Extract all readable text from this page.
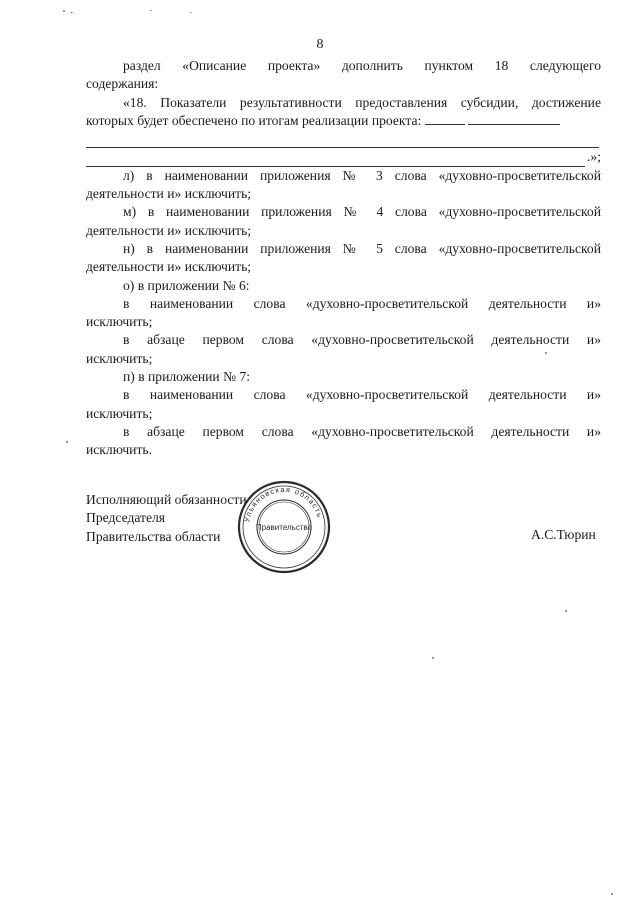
8

раздел «Описание проекта» дополнить пунктом 18 следующего

содержания:

«18. Показатели результативности предоставления субсидии, достижение

которых будет обеспечено по итогам реализации проекта:

.»;

л) в наименовании приложения № 3 слова «духовно-просветительской

деятельности и» исключить;

м) в наименовании приложения № 4 слова «духовно-просветительской

деятельности и» исключить;

н) в наименовании приложения № 5 слова «духовно-просветительской

деятельности и» исключить;

о) в приложении № 6:

в наименовании слова «духовно-просветительской деятельности и»

исключить;

в абзаце первом слова «духовно-просветительской деятельности и»

исключить;

п) в приложении № 7:

в наименовании слова «духовно-просветительской деятельности и»

исключить;

в абзаце первом слова «духовно-просветительской деятельности и»

исключить.

Исполняющий обязанности
Председателя
Правительства области	А.С.Тюрин
Ульяновская область
Правительство
